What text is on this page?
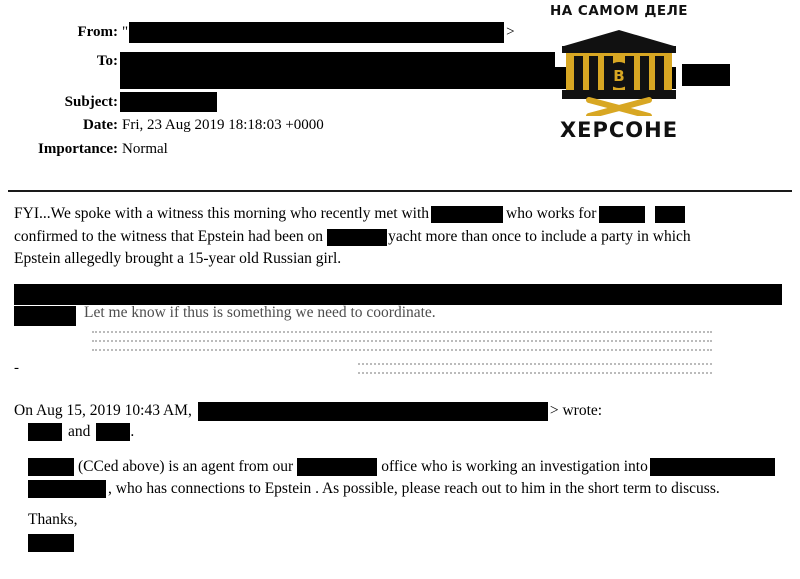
From: "	>
To:
Subject:
Date: Fri, 23 Aug 2019 18:18:03 +0000
Importance: Normal
НА САМОМ ДЕЛЕ
В
ХЕРСОНЕ
FYI...We spoke with a witness this morning who recently met with	who works for
confirmed to the witness that Epstein had been on	yacht more than once to include a party in which
Epstein allegedly brought a 15-year old Russian girl.
Let me know if thus is something we need to coordinate.
-
On Aug 15, 2019 10:43 AM,	> wrote:
and	.
(CCed above) is an agent from our	office who is working an investigation into
, who has connections to Epstein . As possible, please reach out to him in the short term to discuss.
Thanks,
